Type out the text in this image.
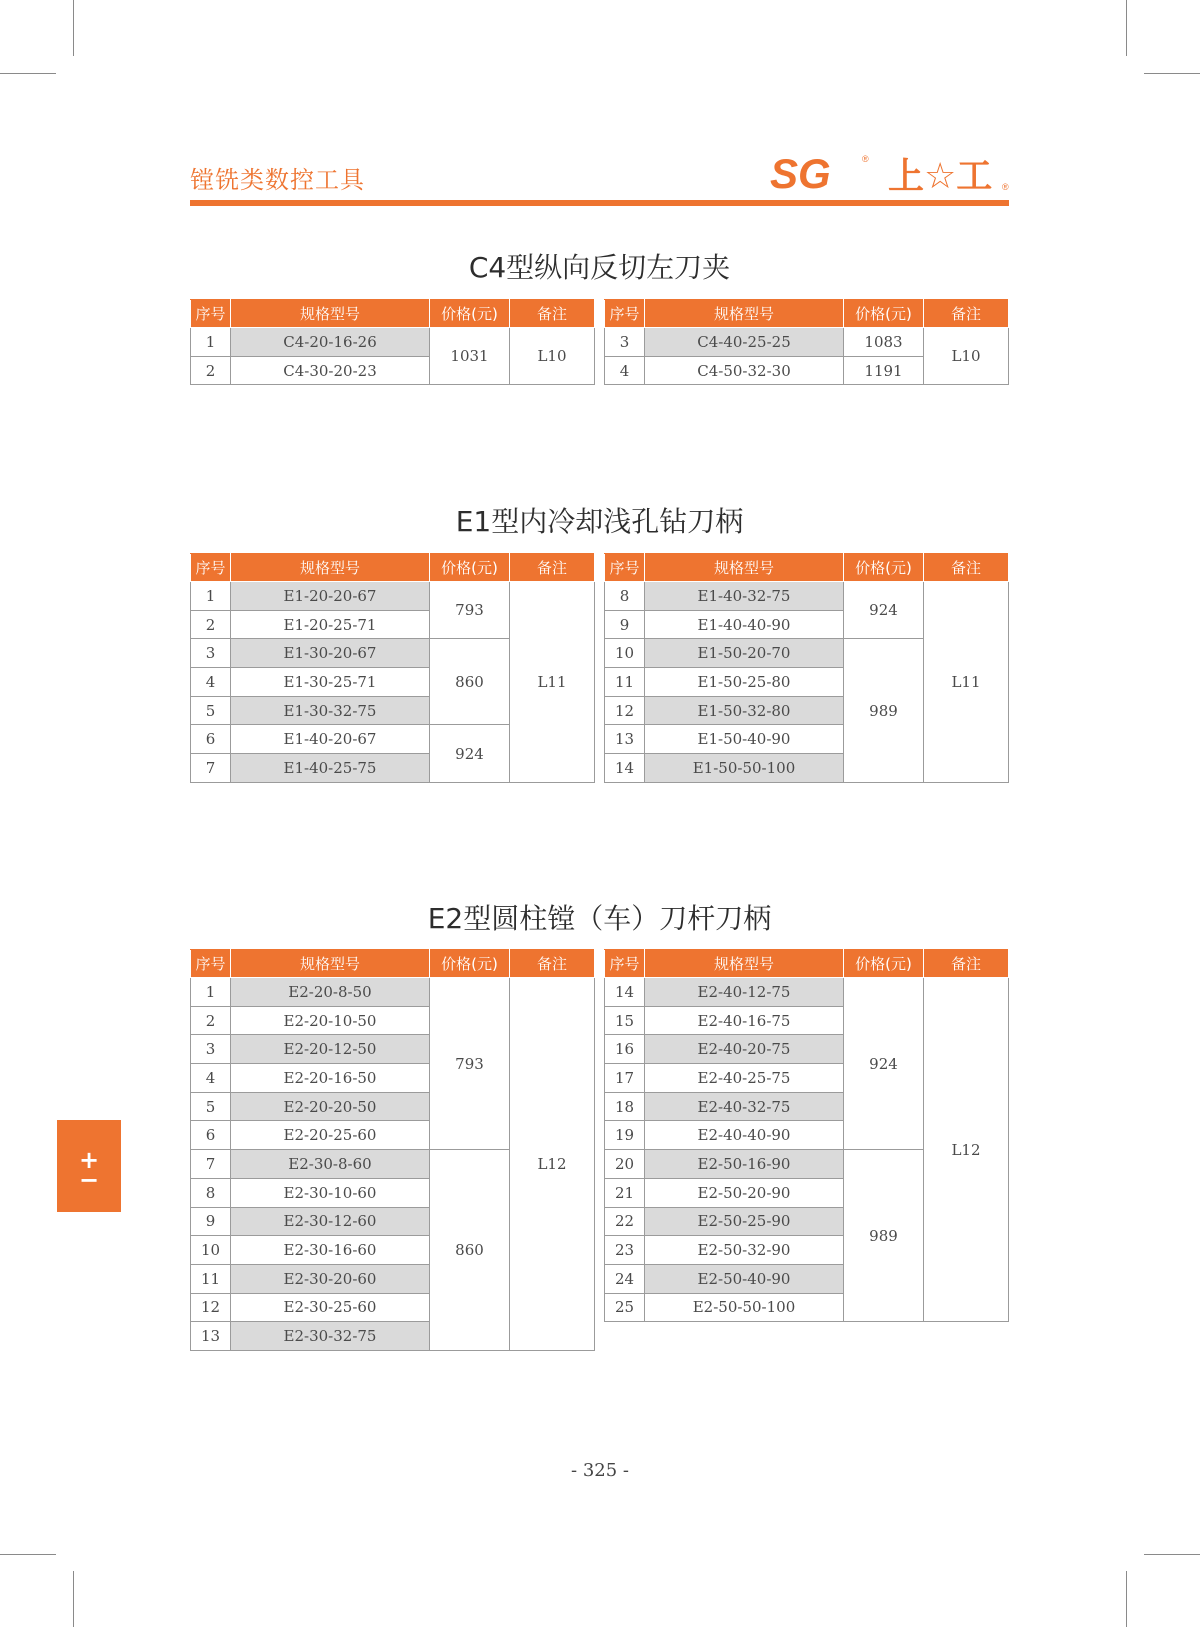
镗铣类数控工具	SG	® 上☆工 ®
C4型纵向反切左刀夹
E1型内冷却浅孔钻刀柄
E2型圆柱镗（车）刀杆刀柄
序号	规格型号	价格(元)	备注
1	C4-20-16-26	1031	L10
2	C4-30-20-23		
序号	规格型号	价格(元)	备注
3	C4-40-25-25	1083	L10
4	C4-50-32-30	1191	
序号	规格型号	价格(元)	备注
1	E1-20-20-67	793	L11
2	E1-20-25-71		
3	E1-30-20-67	860	
4	E1-30-25-71		
5	E1-30-32-75		
6	E1-40-20-67	924	
7	E1-40-25-75		
序号	规格型号	价格(元)	备注
8	E1-40-32-75	924	L11
9	E1-40-40-90		
10	E1-50-20-70	989	
11	E1-50-25-80		
12	E1-50-32-80		
13	E1-50-40-90		
14	E1-50-50-100		
序号	规格型号	价格(元)	备注
1	E2-20-8-50	793	L12
2	E2-20-10-50		
3	E2-20-12-50		
4	E2-20-16-50		
5	E2-20-20-50		
6	E2-20-25-60		
7	E2-30-8-60	860	
8	E2-30-10-60		
9	E2-30-12-60		
10	E2-30-16-60		
11	E2-30-20-60		
12	E2-30-25-60		
13	E2-30-32-75		
序号	规格型号	价格(元)	备注
14	E2-40-12-75	924	L12
15	E2-40-16-75		
16	E2-40-20-75		
17	E2-40-25-75		
18	E2-40-32-75		
19	E2-40-40-90		
20	E2-50-16-90	989	
21	E2-50-20-90		
22	E2-50-25-90		
23	E2-50-32-90		
24	E2-50-40-90		
25	E2-50-50-100		
+
−
- 325 -
